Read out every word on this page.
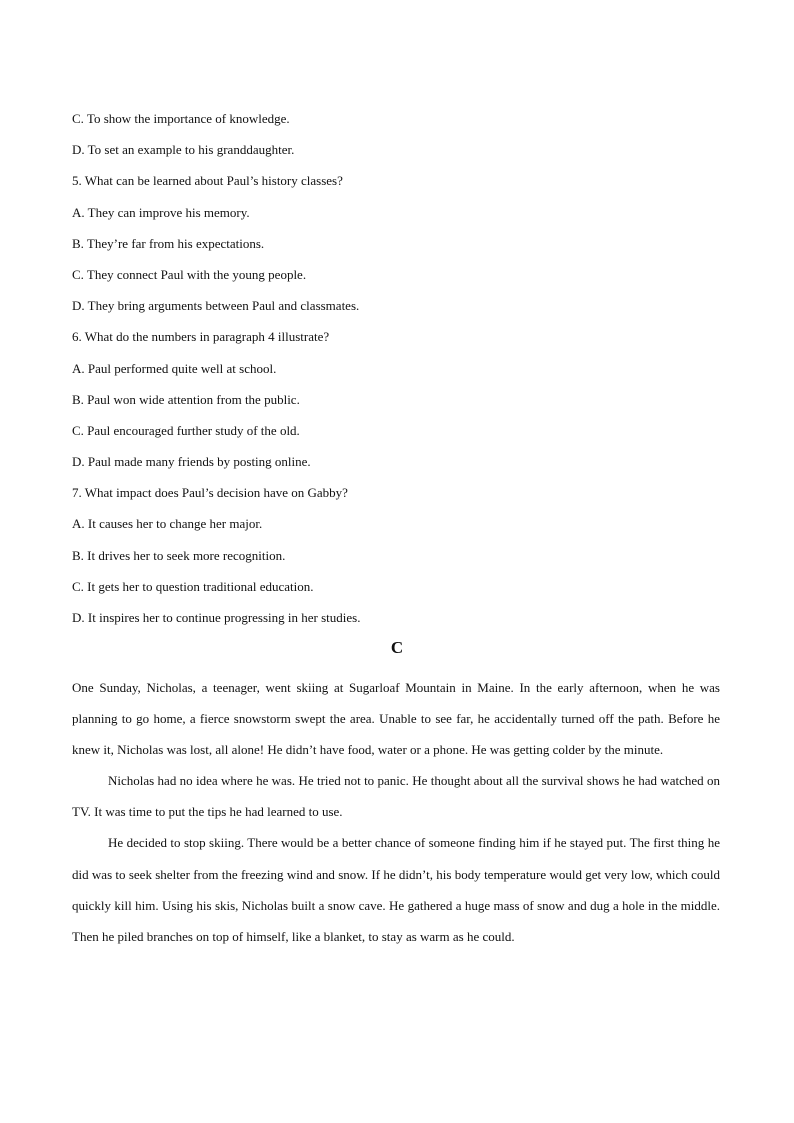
C. To show the importance of knowledge.
D. To set an example to his granddaughter.
5. What can be learned about Paul’s history classes?
A. They can improve his memory.
B. They’re far from his expectations.
C. They connect Paul with the young people.
D. They bring arguments between Paul and classmates.
6. What do the numbers in paragraph 4 illustrate?
A. Paul performed quite well at school.
B. Paul won wide attention from the public.
C. Paul encouraged further study of the old.
D. Paul made many friends by posting online.
7. What impact does Paul’s decision have on Gabby?
A. It causes her to change her major.
B. It drives her to seek more recognition.
C. It gets her to question traditional education.
D. It inspires her to continue progressing in her studies.
C

One Sunday, Nicholas, a teenager, went skiing at Sugarloaf Mountain in Maine. In the early afternoon, when he was planning to go home, a fierce snowstorm swept the area. Unable to see far, he accidentally turned off the path. Before he knew it, Nicholas was lost, all alone! He didn’t have food, water or a phone. He was getting colder by the minute.

Nicholas had no idea where he was. He tried not to panic. He thought about all the survival shows he had watched on TV. It was time to put the tips he had learned to use.

He decided to stop skiing. There would be a better chance of someone finding him if he stayed put. The first thing he did was to seek shelter from the freezing wind and snow. If he didn’t, his body temperature would get very low, which could quickly kill him. Using his skis, Nicholas built a snow cave. He gathered a huge mass of snow and dug a hole in the middle. Then he piled branches on top of himself, like a blanket, to stay as warm as he could.
